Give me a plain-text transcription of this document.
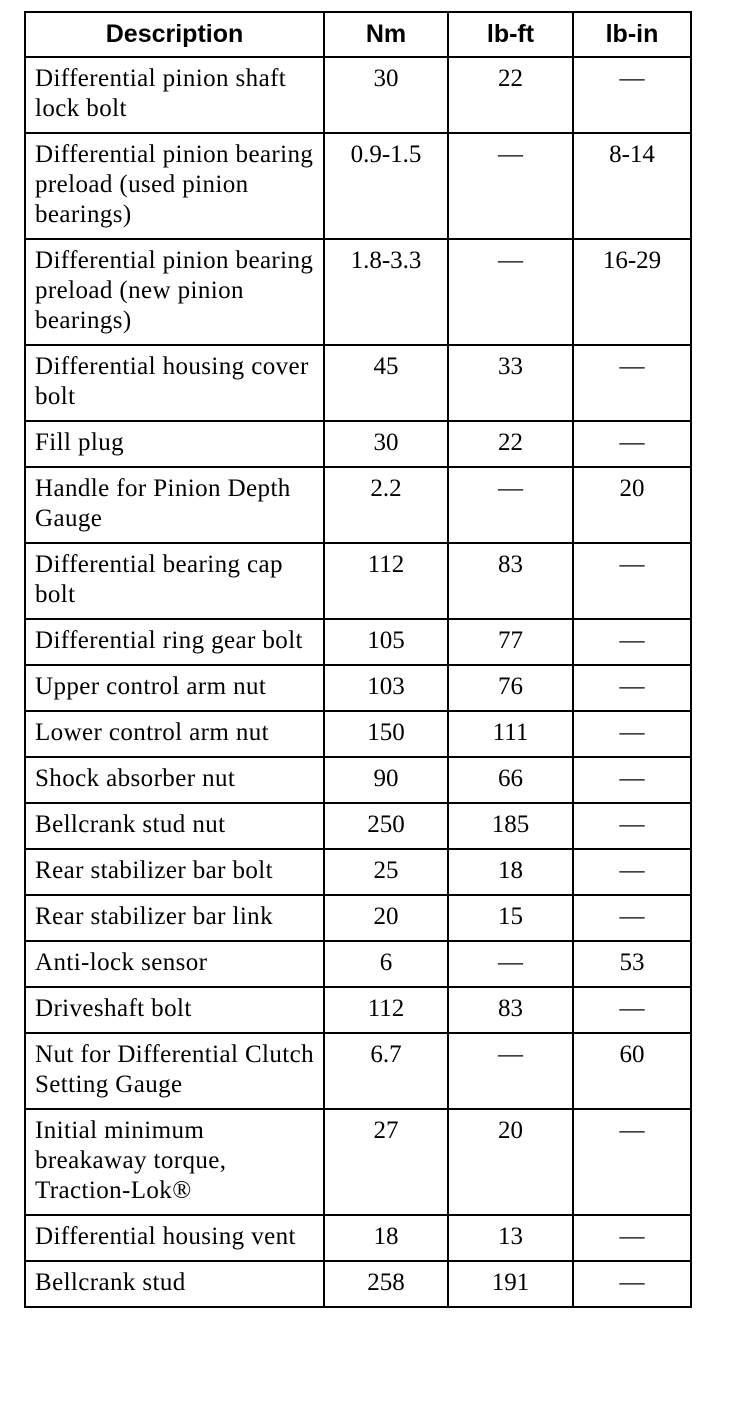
Description	Nm	lb-ft	lb-in
Differential pinion shaft lock bolt	30	22	—
Differential pinion bearing preload (used pinion bearings)	0.9-1.5	—	8-14
Differential pinion bearing preload (new pinion bearings)	1.8-3.3	—	16-29
Differential housing cover bolt	45	33	—
Fill plug	30	22	—
Handle for Pinion Depth Gauge	2.2	—	20
Differential bearing cap bolt	112	83	—
Differential ring gear bolt	105	77	—
Upper control arm nut	103	76	—
Lower control arm nut	150	111	—
Shock absorber nut	90	66	—
Bellcrank stud nut	250	185	—
Rear stabilizer bar bolt	25	18	—
Rear stabilizer bar link	20	15	—
Anti-lock sensor	6	—	53
Driveshaft bolt	112	83	—
Nut for Differential Clutch Setting Gauge	6.7	—	60
Initial minimum breakaway torque, Traction-Lok®	27	20	—
Differential housing vent	18	13	—
Bellcrank stud	258	191	—
